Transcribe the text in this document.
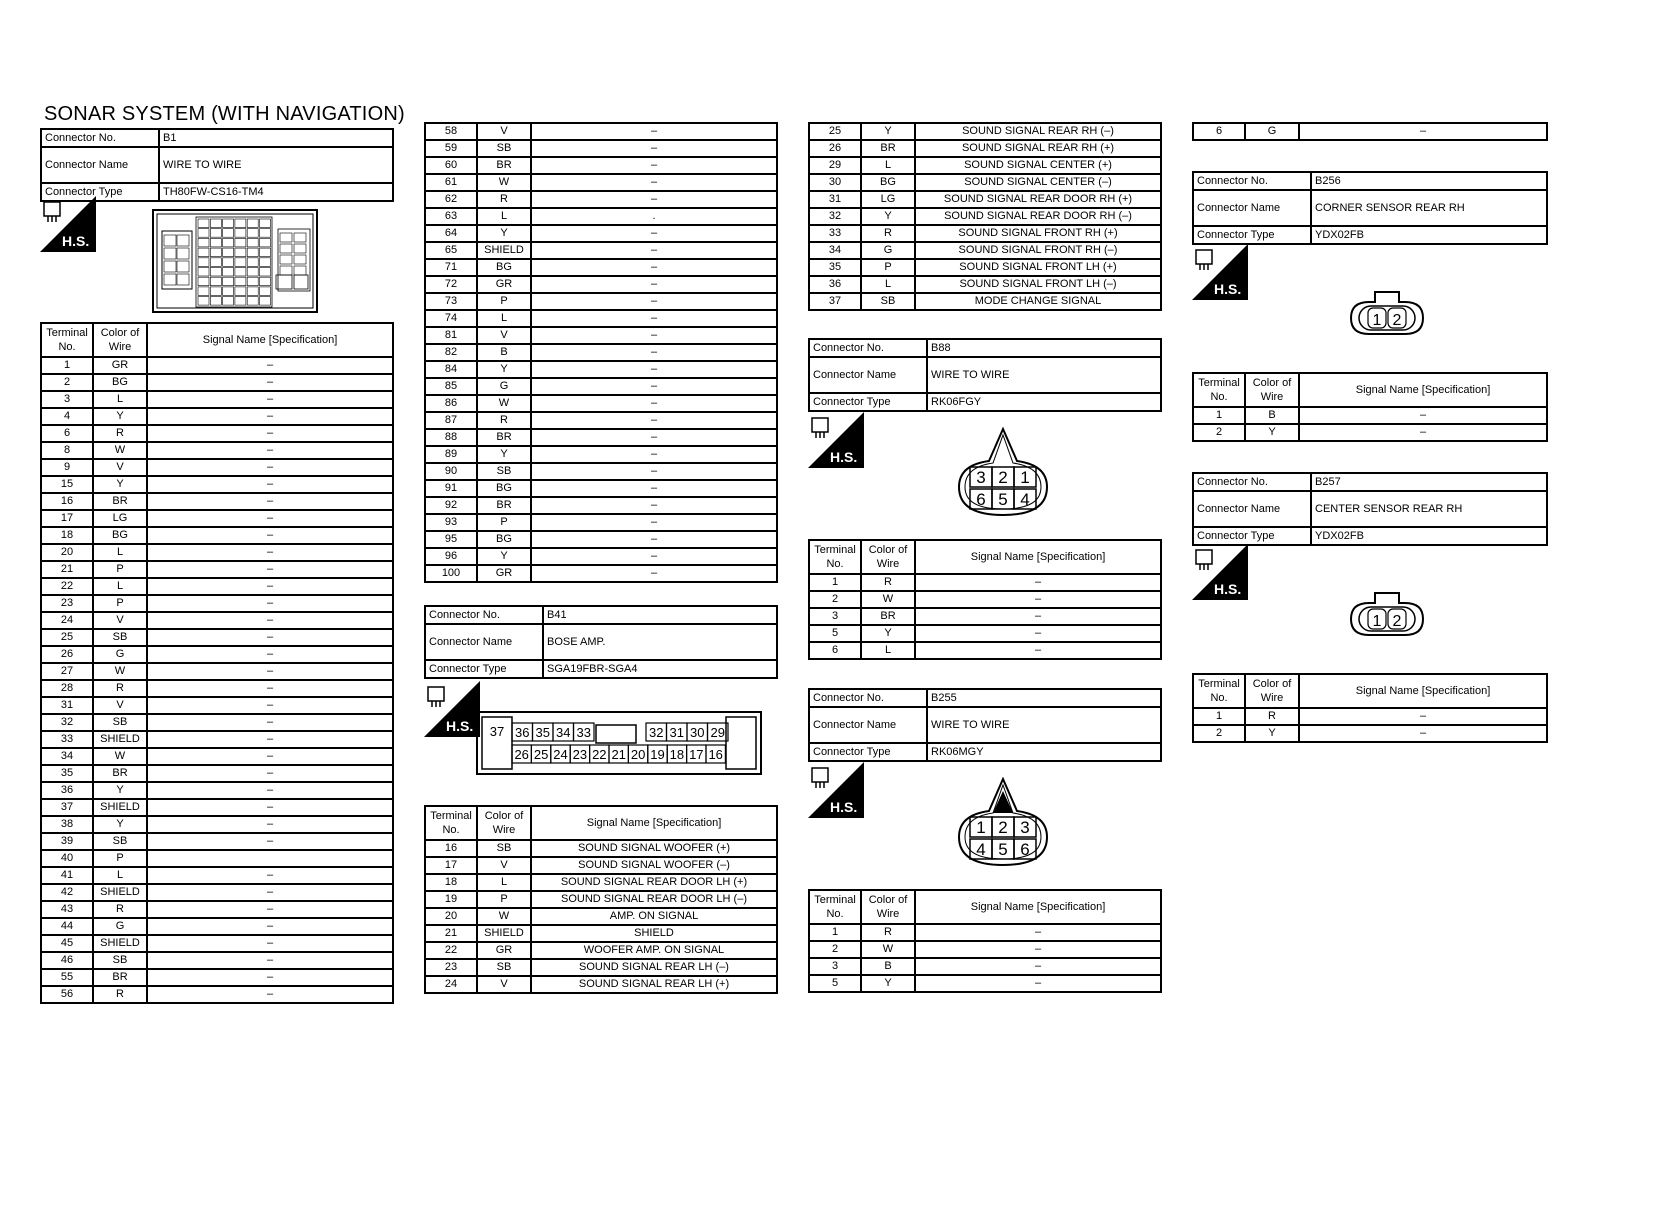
SONAR SYSTEM (WITH NAVIGATION)
Connector No.	B1
Connector Name	WIRE TO WIRE
Connector Type	TH80FW-CS16-TM4
H.S.
Terminal No.	Color of Wire	Signal Name [Specification]
1	GR	–
2	BG	–
3	L	–
4	Y	–
6	R	–
8	W	–
9	V	–
15	Y	–
16	BR	–
17	LG	–
18	BG	–
20	L	–
21	P	–
22	L	–
23	P	–
24	V	–
25	SB	–
26	G	–
27	W	–
28	R	–
31	V	–
32	SB	–
33	SHIELD	–
34	W	–
35	BR	–
36	Y	–
37	SHIELD	–
38	Y	–
39	SB	–
40	P	
41	L	–
42	SHIELD	–
43	R	–
44	G	–
45	SHIELD	–
46	SB	–
55	BR	–
56	R	–
58	V	–
59	SB	–
60	BR	–
61	W	–
62	R	–
63	L	.
64	Y	–
65	SHIELD	–
71	BG	–
72	GR	–
73	P	–
74	L	–
81	V	–
82	B	–
84	Y	–
85	G	–
86	W	–
87	R	–
88	BR	–
89	Y	–
90	SB	–
91	BG	–
92	BR	–
93	P	–
95	BG	–
96	Y	–
100	GR	–
Connector No.	B41
Connector Name	BOSE AMP.
Connector Type	SGA19FBR-SGA4
H.S. 37 36 35 34 33	32 31 30 29
26 25 24 23 22 21 20 19 18 17 16
Terminal No.	Color of Wire	Signal Name [Specification]
16	SB	SOUND SIGNAL WOOFER (+)
17	V	SOUND SIGNAL WOOFER (–)
18	L	SOUND SIGNAL REAR DOOR LH (+)
19	P	SOUND SIGNAL REAR DOOR LH (–)
20	W	AMP. ON SIGNAL
21	SHIELD	SHIELD
22	GR	WOOFER AMP. ON SIGNAL
23	SB	SOUND SIGNAL REAR LH (–)
24	V	SOUND SIGNAL REAR LH (+)
25	Y	SOUND SIGNAL REAR RH (–)
26	BR	SOUND SIGNAL REAR RH (+)
29	L	SOUND SIGNAL CENTER (+)
30	BG	SOUND SIGNAL CENTER (–)
31	LG	SOUND SIGNAL REAR DOOR RH (+)
32	Y	SOUND SIGNAL REAR DOOR RH (–)
33	R	SOUND SIGNAL FRONT RH (+)
34	G	SOUND SIGNAL FRONT RH (–)
35	P	SOUND SIGNAL FRONT LH (+)
36	L	SOUND SIGNAL FRONT LH (–)
37	SB	MODE CHANGE SIGNAL
Connector No.	B88
Connector Name	WIRE TO WIRE
Connector Type	RK06FGY
H.S.
3 2 1
6 5 4
Terminal No.	Color of Wire	Signal Name [Specification]
1	R	–
2	W	–
3	BR	–
5	Y	–
6	L	–
Connector No.	B255
Connector Name	WIRE TO WIRE
Connector Type	RK06MGY
H.S.
1 2 3
4 5 6
Terminal No.	Color of Wire	Signal Name [Specification]
1	R	–
2	W	–
3	B	–
5	Y	–
6	G	–
Connector No.	B256
Connector Name	CORNER SENSOR REAR RH
Connector Type	YDX02FB
H.S.
1 2
Terminal No.	Color of Wire	Signal Name [Specification]
1	B	–
2	Y	–
Connector No.	B257
Connector Name	CENTER SENSOR REAR RH
Connector Type	YDX02FB
H.S.
1 2
Terminal No.	Color of Wire	Signal Name [Specification]
1	R	–
2	Y	–
